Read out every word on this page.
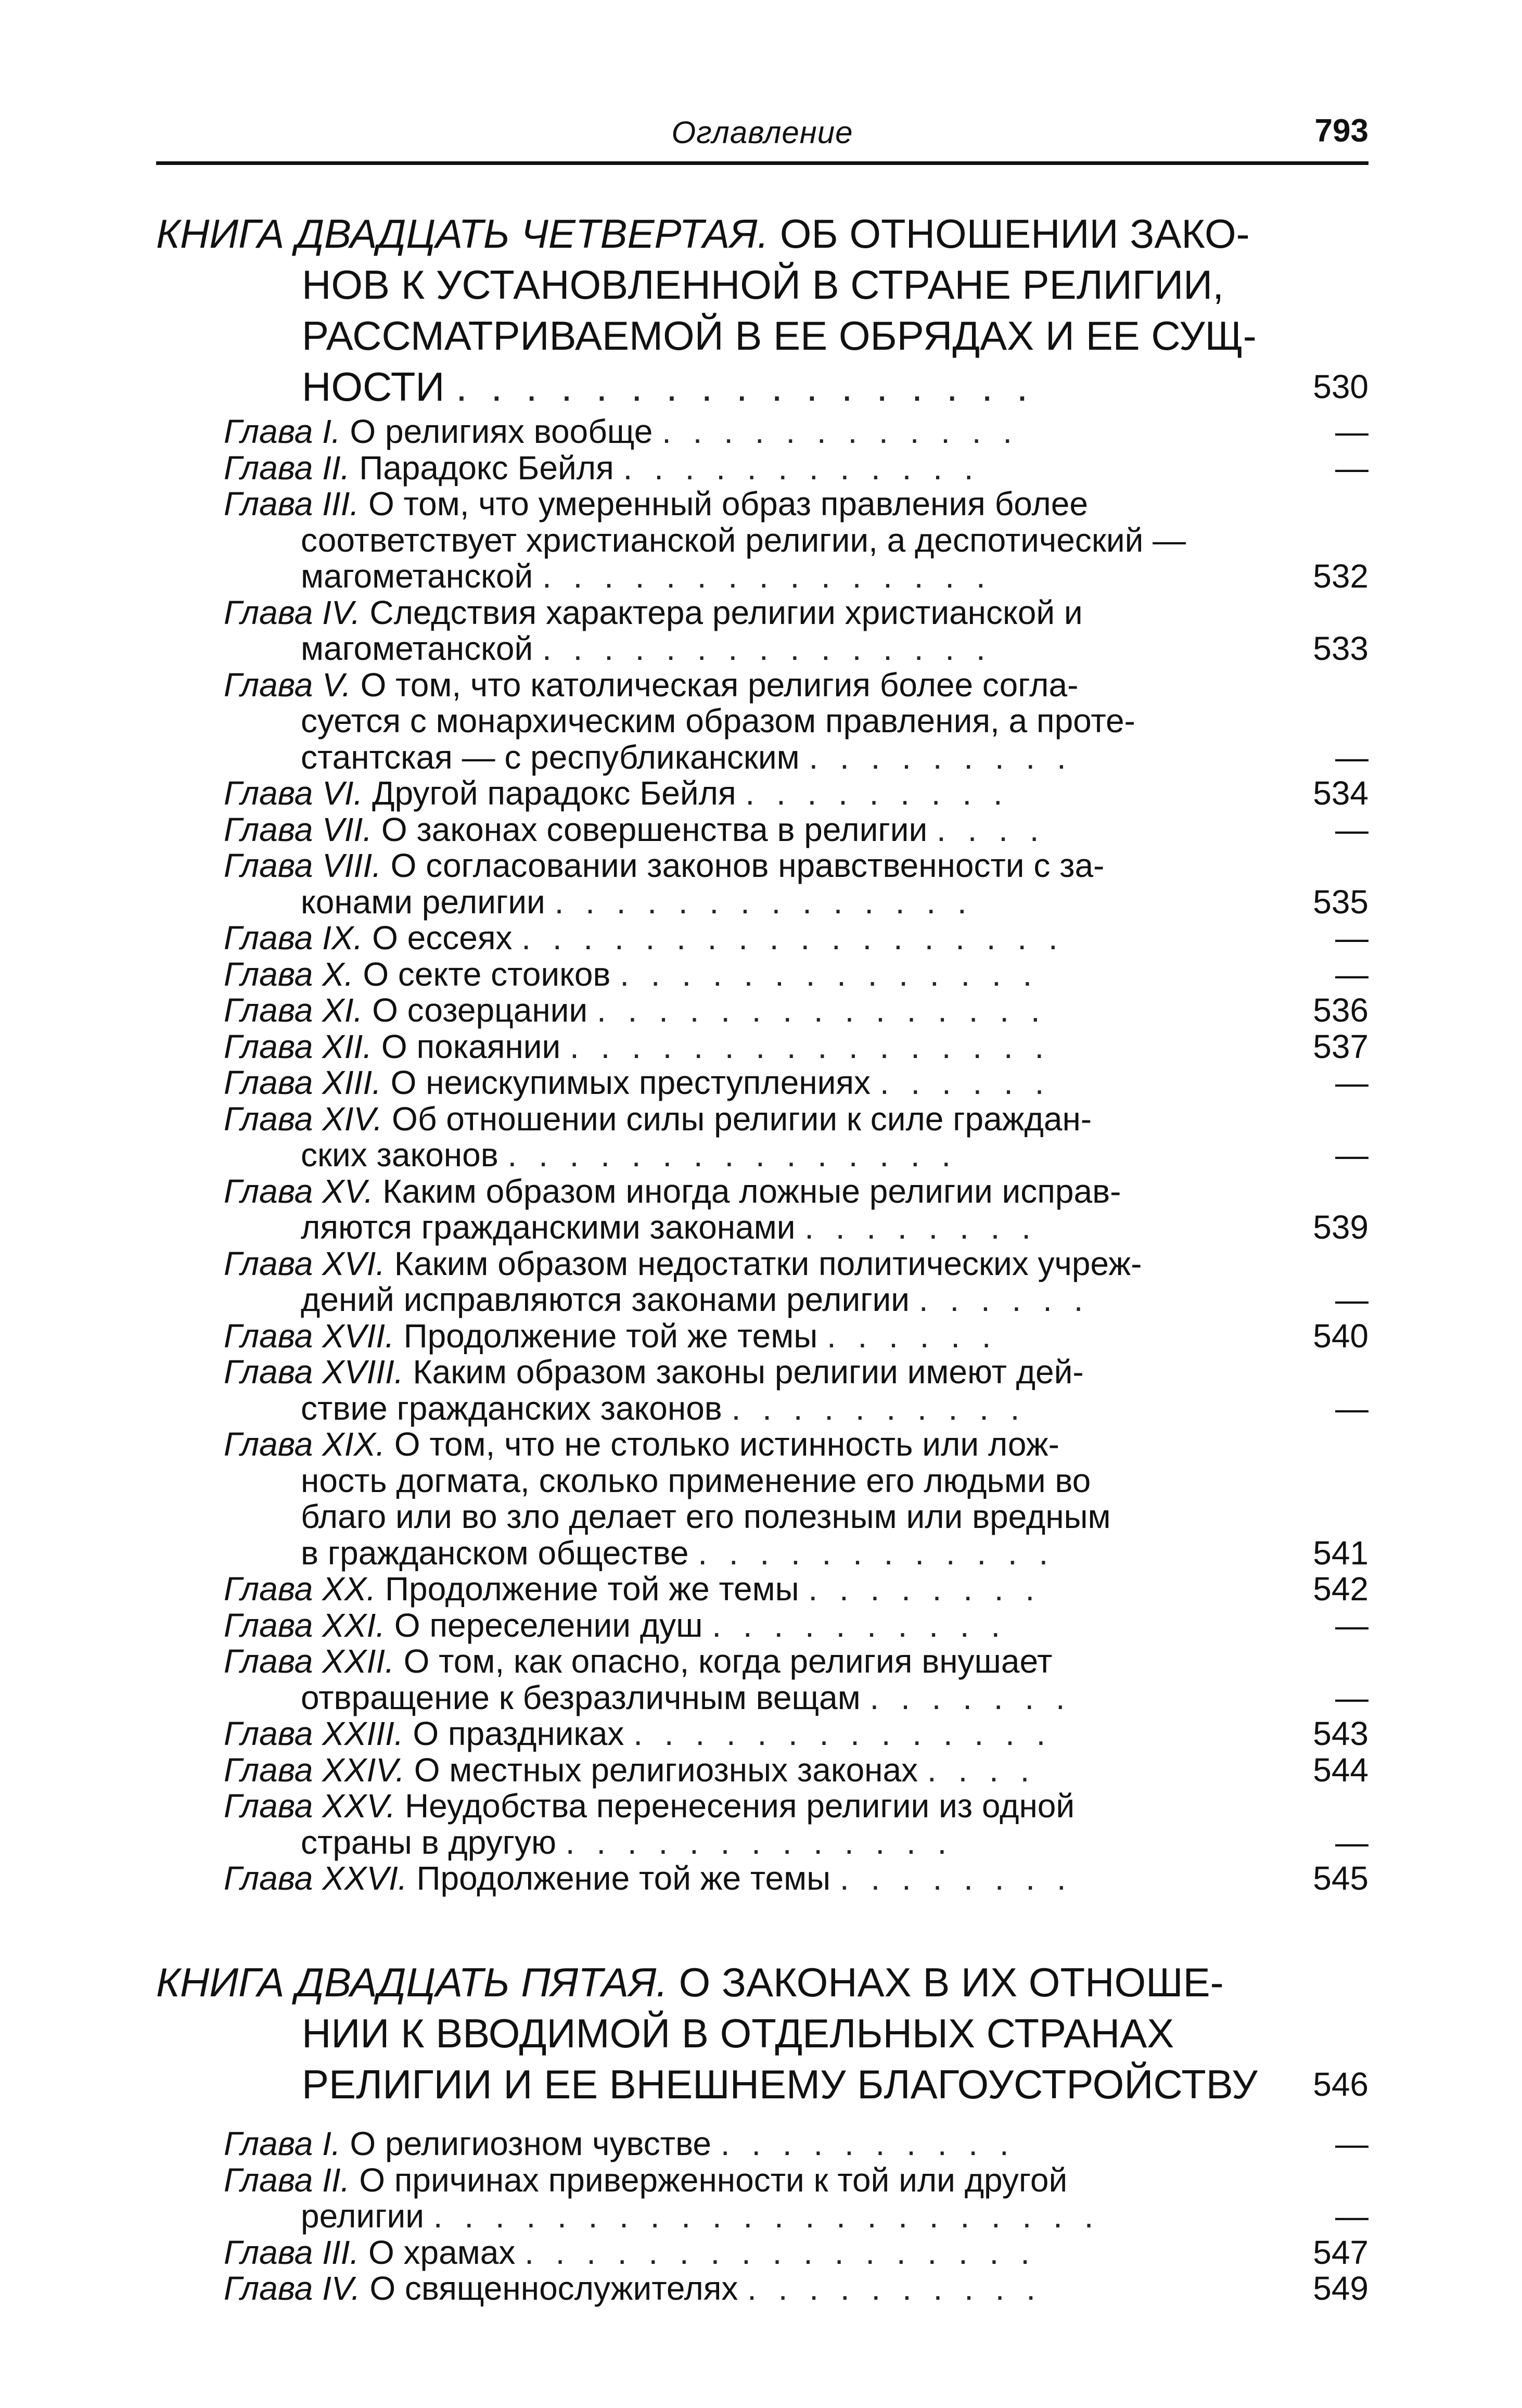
Оглавление	793
КНИГА ДВАДЦАТЬ ЧЕТВЕРТАЯ. ОБ ОТНОШЕНИИ ЗАКО-
НОВ К УСТАНОВЛЕННОЙ В СТРАНЕ РЕЛИГИИ,
РАССМАТРИВАЕМОЙ В ЕЕ ОБРЯДАХ И ЕЕ СУЩ-
НОСТИ . . . . . . . . . . . . . . . . .	530
Глава I. О религиях вообще . . . . . . . . . . . .	—
Глава II. Парадокс Бейля . . . . . . . . . . . .	—
Глава III. О том, что умеренный образ правления более
соответствует христианской религии, а деспотический —
магометанской . . . . . . . . . . . . . . .	532
Глава IV. Следствия характера религии христианской и
магометанской . . . . . . . . . . . . . . .	533
Глава V. О том, что католическая религия более согла-
суется с монархическим образом правления, а проте-
стантская — с республиканским . . . . . . . . .	—
Глава VI. Другой парадокс Бейля . . . . . . . . .	534
Глава VII. О законах совершенства в религии . . . .	—
Глава VIII. О согласовании законов нравственности с за-
конами религии . . . . . . . . . . . . . .	535
Глава IX. О ессеях . . . . . . . . . . . . . . . . . .	—
Глава X. О секте стоиков . . . . . . . . . . . . . .	—
Глава XI. О созерцании . . . . . . . . . . . . . . .	536
Глава XII. О покаянии . . . . . . . . . . . . . . . .	537
Глава XIII. О неискупимых преступлениях . . . . . .	—
Глава XIV. Об отношении силы религии к силе граждан-
ских законов . . . . . . . . . . . . . . .	—
Глава XV. Каким образом иногда ложные религии исправ-
ляются гражданскими законами . . . . . . . .	539
Глава XVI. Каким образом недостатки политических учреж-
дений исправляются законами религии . . . . . .	—
Глава XVII. Продолжение той же темы . . . . . .	540
Глава XVIII. Каким образом законы религии имеют дей-
ствие гражданских законов . . . . . . . . . .	—
Глава XIX. О том, что не столько истинность или лож-
ность догмата, сколько применение его людьми во
благо или во зло делает его полезным или вредным
в гражданском обществе . . . . . . . . . . . .	541
Глава XX. Продолжение той же темы . . . . . . . .	542
Глава XXI. О переселении душ . . . . . . . . . .	—
Глава XXII. О том, как опасно, когда религия внушает
отвращение к безразличным вещам . . . . . . .	—
Глава XXIII. О праздниках . . . . . . . . . . . . . .	543
Глава XXIV. О местных религиозных законах . . . .	544
Глава XXV. Неудобства перенесения религии из одной
страны в другую . . . . . . . . . . . . .	—
Глава XXVI. Продолжение той же темы . . . . . . . .	545
КНИГА ДВАДЦАТЬ ПЯТАЯ. О ЗАКОНАХ В ИХ ОТНОШЕ-
НИИ К ВВОДИМОЙ В ОТДЕЛЬНЫХ СТРАНАХ
РЕЛИГИИ И ЕЕ ВНЕШНЕМУ БЛАГОУСТРОЙСТВУ 546
Глава I. О религиозном чувстве . . . . . . . . . .	—
Глава II. О причинах приверженности к той или другой
религии . . . . . . . . . . . . . . . . . . . . . .	—
Глава III. О храмах . . . . . . . . . . . . . . . . .	547
Глава IV. О священнослужителях . . . . . . . . . .	549
